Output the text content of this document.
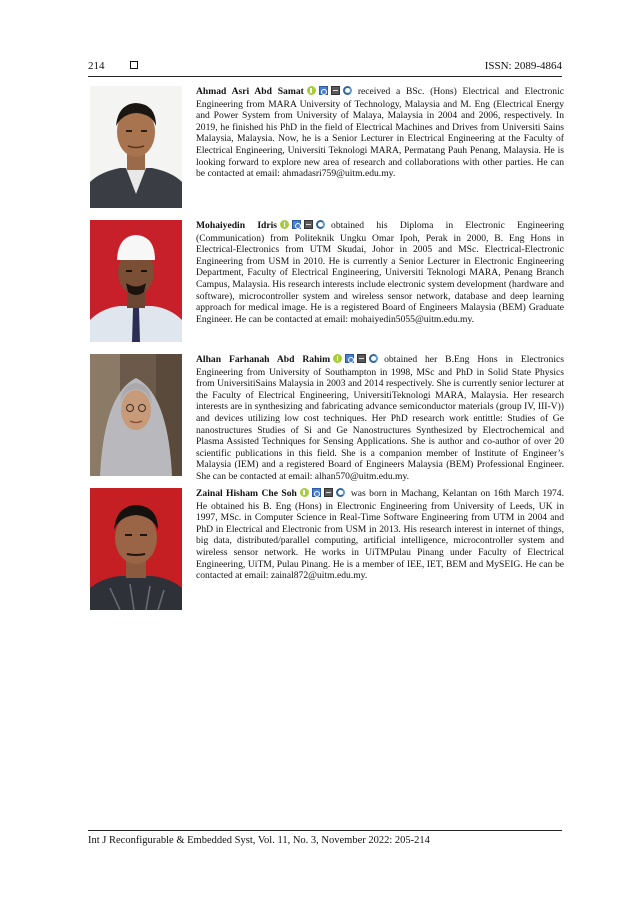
214	ISSN: 2089-4864
Ahmad Asri Abd Samat	received a BSc. (Hons) Electrical and Electronic Engineering from MARA University of Technology, Malaysia and M. Eng (Electrical Energy and Power System from University of Malaya, Malaysia in 2004 and 2006, respectively. In 2019, he finished his PhD in the field of Electrical Machines and Drives from Universiti Sains Malaysia, Malaysia. Now, he is a Senior Lecturer in Electrical Engineering at the Faculty of Electrical Engineering, Universiti Teknologi MARA, Permatang Pauh Penang, Malaysia. He is looking forward to explore new area of research and collaborations with other parties. He can be contacted at email: ahmadasri759@uitm.edu.my.
Mohaiyedin Idris	obtained his Diploma in Electronic Engineering (Communication) from Politeknik Ungku Omar Ipoh, Perak in 2000, B. Eng Hons in Electrical-Electronics from UTM Skudai, Johor in 2005 and MSc. Electrical-Electronic Engineering from USM in 2010. He is currently a Senior Lecturer in Electronic Engineering Department, Faculty of Electrical Engineering, Universiti Teknologi MARA, Penang Branch Campus, Malaysia. His research interests include electronic system development (hardware and software), microcontroller system and wireless sensor network, database and deep learning approach for medical image. He is a registered Board of Engineers Malaysia (BEM) Graduate Engineer. He can be contacted at email: mohaiyedin5055@uitm.edu.my.
Alhan Farhanah Abd Rahim	obtained her B.Eng Hons in Electronics Engineering from University of Southampton in 1998, MSc and PhD in Solid State Physics from UniversitiSains Malaysia in 2003 and 2014 respectively. She is currently senior lecturer at the Faculty of Electrical Engineering, UniversitiTeknologi MARA, Malaysia. Her research interests are in synthesizing and fabricating advance semiconductor materials (group IV, III-V)) and devices utilizing low cost techniques. Her PhD research work entittle: Studies of Ge nanostructures Studies of Si and Ge Nanostructures Synthesized by Electrochemical and Plasma Assisted Techniques for Sensing Applications. She is author and co-author of over 20 scientific publications in this field. She is a companion member of Institute of Engineer’s Malaysia (IEM) and a registered Board of Engineers Malaysia (BEM) Professional Engineer. She can be contacted at email: alhan570@uitm.edu.my.
Zainal Hisham Che Soh	was born in Machang, Kelantan on 16th March 1974. He obtained his B. Eng (Hons) in Electronic Engineering from University of Leeds, UK in 1997, MSc. in Computer Science in Real-Time Software Engineering from UTM in 2004 and PhD in Electrical and Electronic from USM in 2013. His research interest in internet of things, big data, distributed/parallel computing, artificial intelligence, microcontroller system and wireless sensor network. He works in UiTMPulau Pinang under Faculty of Electrical Engineering, UiTM, Pulau Pinang. He is a member of IEE, IET, BEM and MySEIG. He can be contacted at email: zainal872@uitm.edu.my.
Int J Reconfigurable & Embedded Syst, Vol. 11, No. 3, November 2022: 205-214
